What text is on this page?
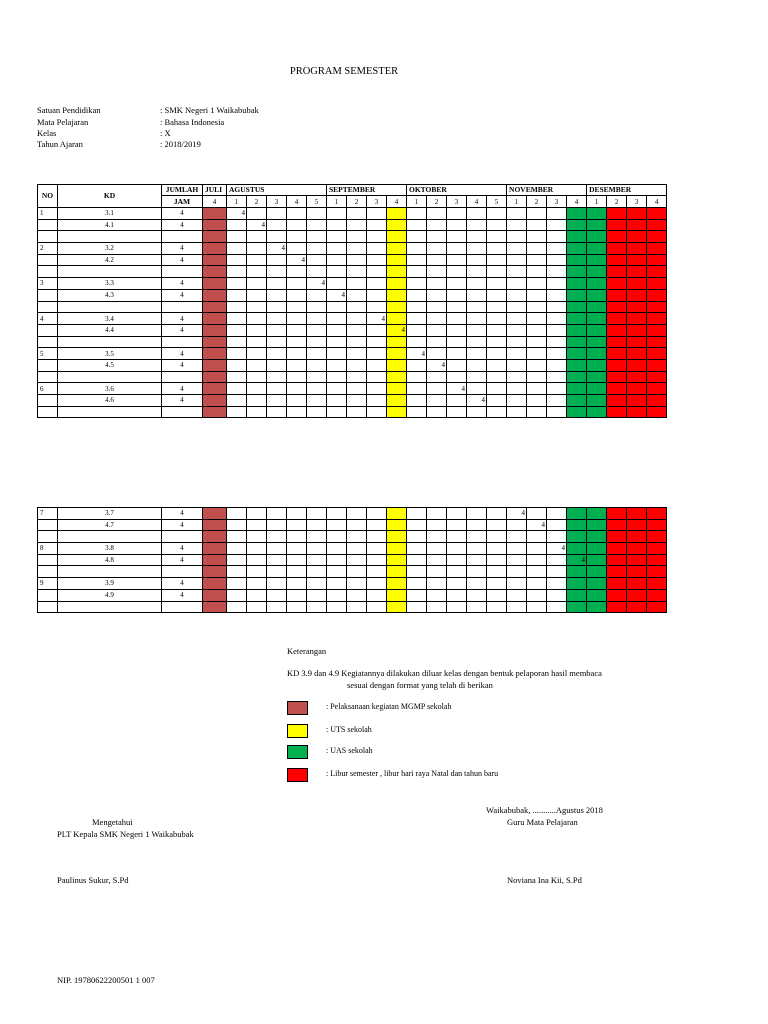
PROGRAM SEMESTER
Satuan Pendidikan	: SMK Negeri 1 Waikabubak
Mata Pelajaran	: Bahasa Indonesia
Kelas	: X
Tahun Ajaran	: 2018/2019
NO	KD	JUMLAH	JULI	AGUSTUS					SEPTEMBER				OKTOBER					NOVEMBER				DESEMBER			
		JAM	4	1	2	3	4	5	1	2	3	4	1	2	3	4	5	1	2	3	4	1	2	3	4
1	3.1	4		4																					
	4.1	4			4																				

2	3.2	4				4																			
	4.2	4					4																		

3	3.3	4						4																	
	4.3	4							4																

4	3.4	4									4														
	4.4	4										4													

5	3.5	4											4												
	4.5	4												4											

6	3.6	4													4										
	4.6	4														4									

7	3.7	4																4							
	4.7	4																	4						

8	3.8	4																		4					
	4.8	4																			4				

9	3.9	4																							
	4.9	4																							

Keterangan
KD 3.9 dan 4.9 Kegiatannya dilakukan diluar kelas dengan bentuk pelaporan hasil membaca
sesuai dengan format yang telah di berikan
: Pelaksanaan kegiatan MGMP sekolah
: UTS sekolah
: UAS sekolah
: Libur semester , libur hari raya Natal dan tahun baru
Waikabubak, ...........Agustus 2018
Guru Mata Pelajaran
Mengetahui
PLT Kepala SMK Negeri 1 Waikabubak
Paulinus Sukur, S.Pd	Noviana Ina Kii, S.Pd
NIP. 19780622200501 1 007
